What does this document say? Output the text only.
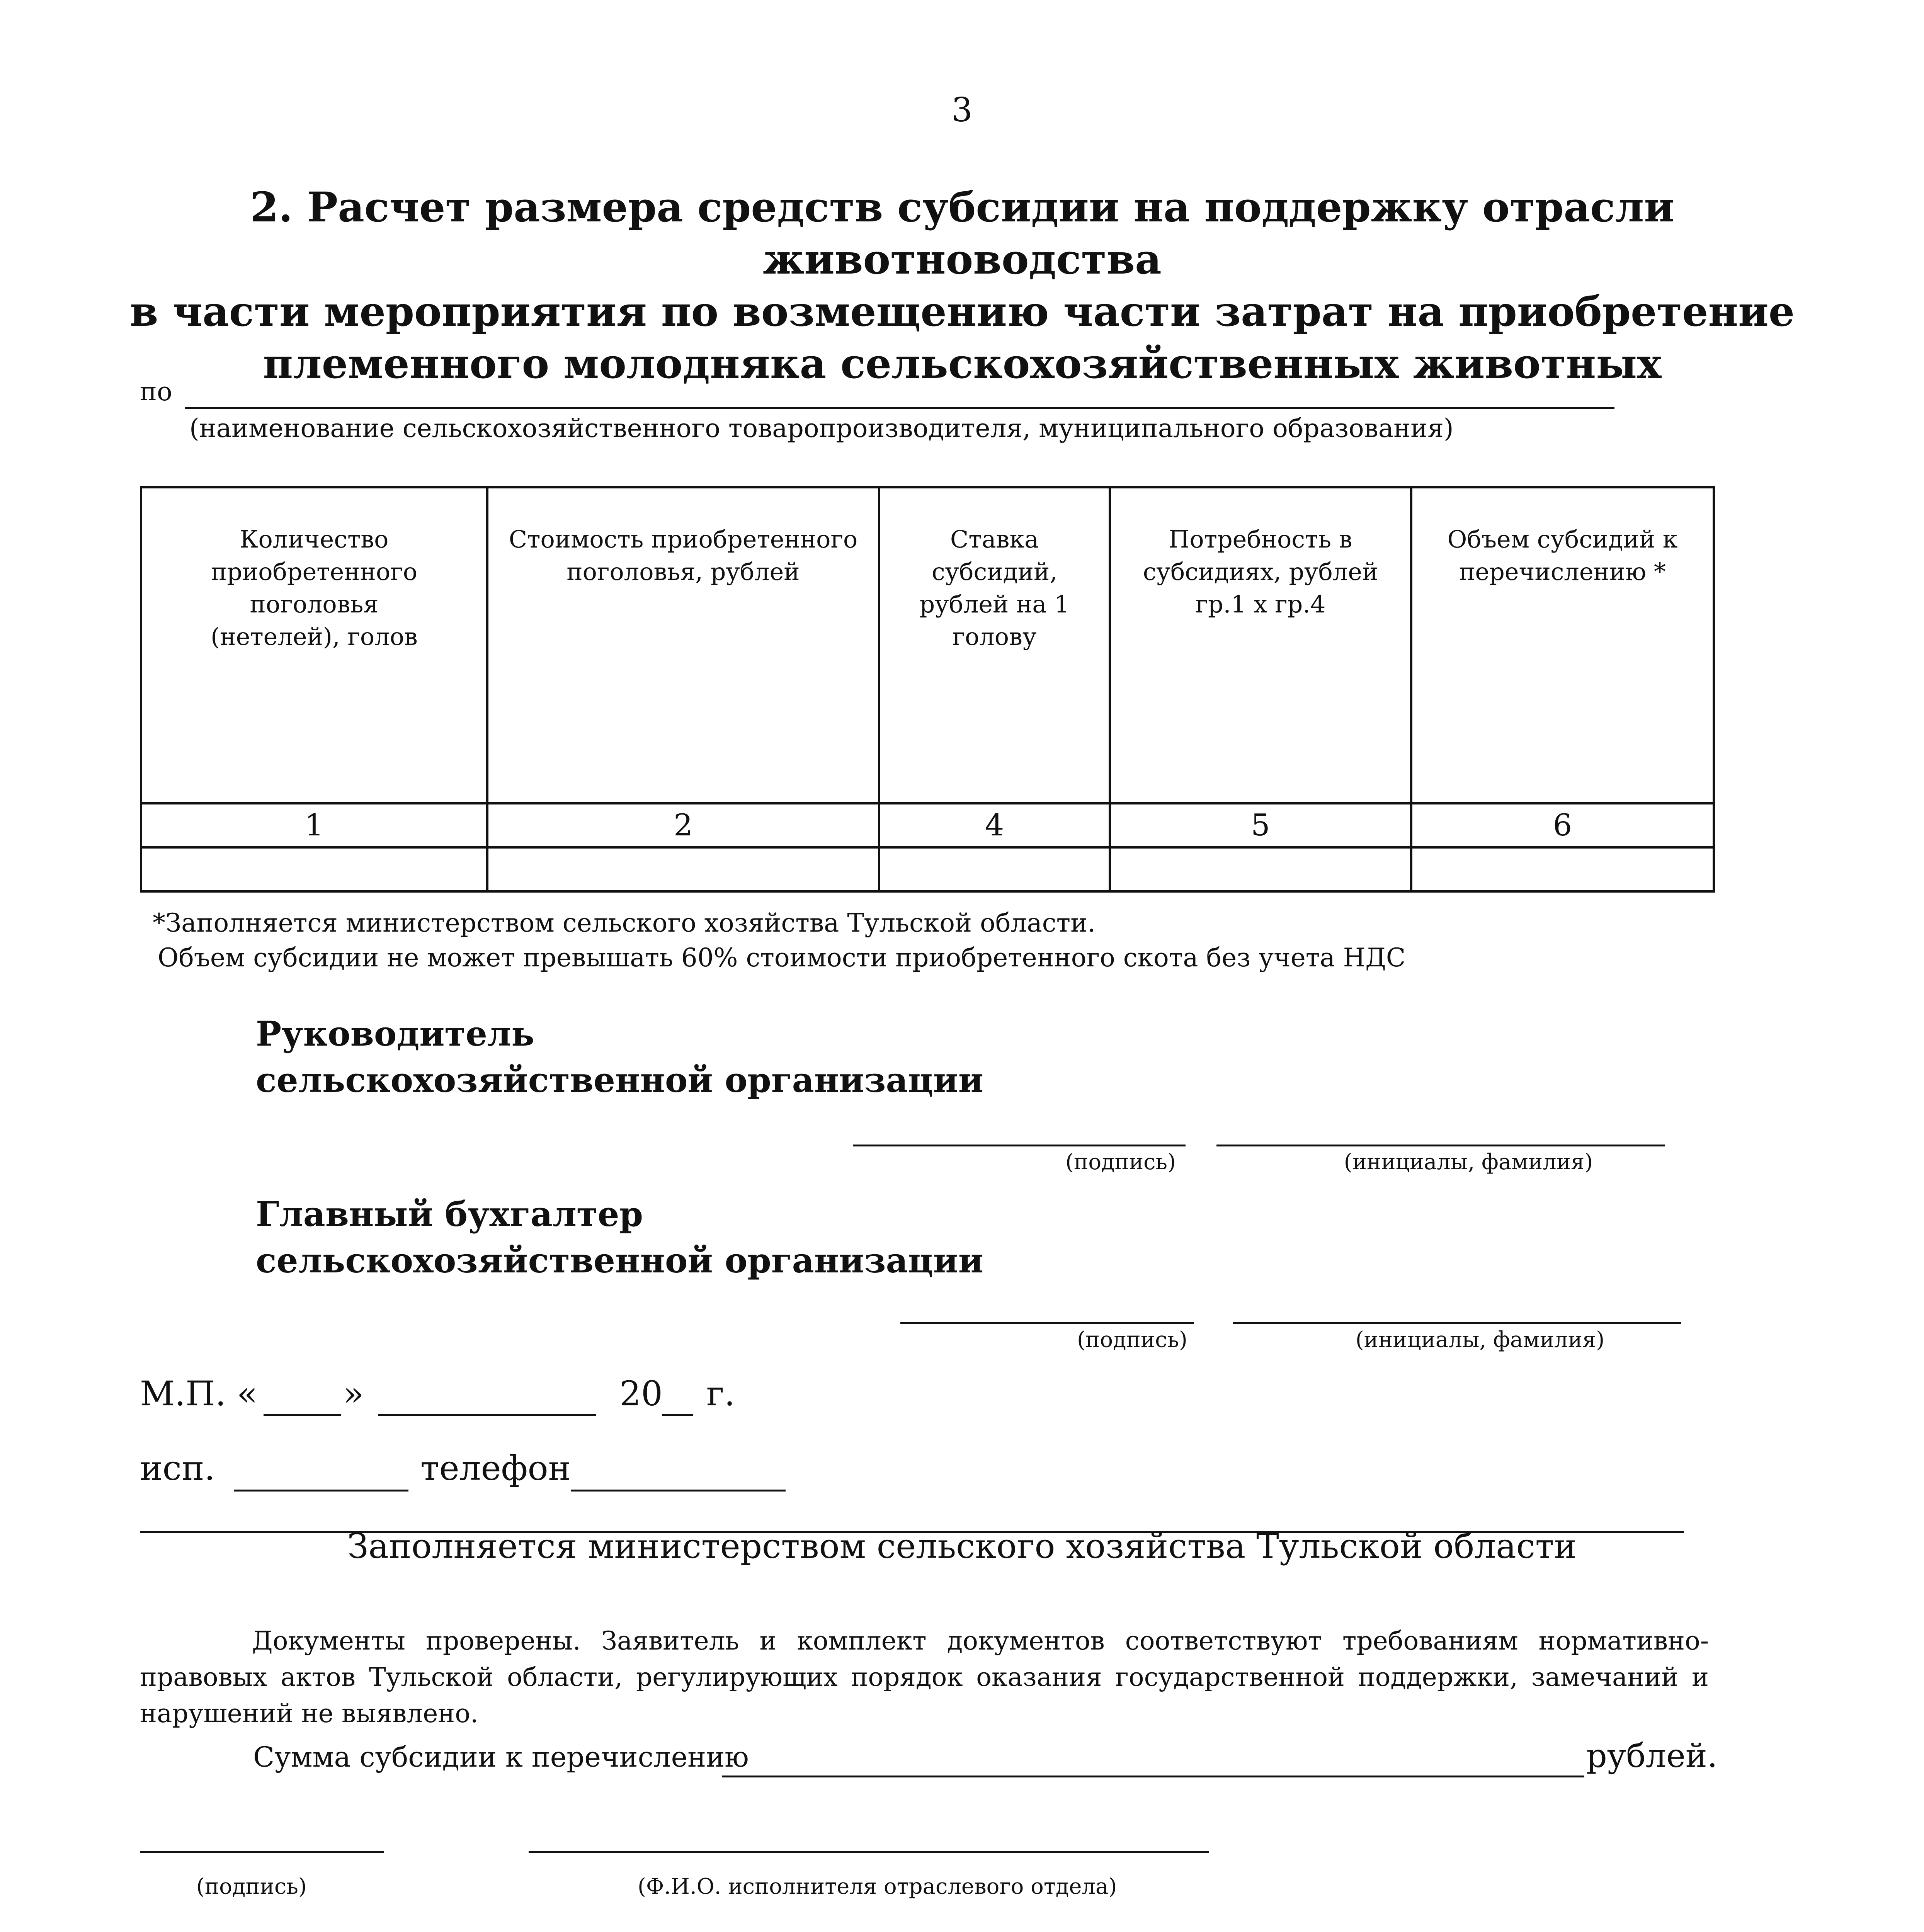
3
2. Расчет размера средств субсидии на поддержку отрасли животноводства
в части мероприятия по возмещению части затрат на приобретение
племенного молодняка сельскохозяйственных животных
по
(наименование сельскохозяйственного товаропроизводителя, муниципального образования)
Количество приобретенного поголовья (нетелей), голов	Стоимость приобретенного поголовья, рублей	Ставка субсидий, рублей на 1 голову	Потребность в субсидиях, рублей гр.1 х гр.4	Объем субсидий к перечислению *

1	2	4	5	6

*Заполняется министерством сельского хозяйства Тульской области.
Объем субсидии не может превышать 60% стоимости приобретенного скота без учета НДС
Руководитель
сельскохозяйственной организации
(подпись)	(инициалы, фамилия)
Главный бухгалтер
сельскохозяйственной организации
(подпись)	(инициалы, фамилия)
М.П. «	»	20 г.
исп.	телефон
Заполняется министерством сельского хозяйства Тульской области
Документы проверены. Заявитель и комплект документов соответствуют требованиям нормативно-правовых актов Тульской области, регулирующих порядок оказания государственной поддержки, замечаний и нарушений не выявлено.
Сумма субсидии к перечислению	рублей.
(подпись)	(Ф.И.О. исполнителя отраслевого отдела)
